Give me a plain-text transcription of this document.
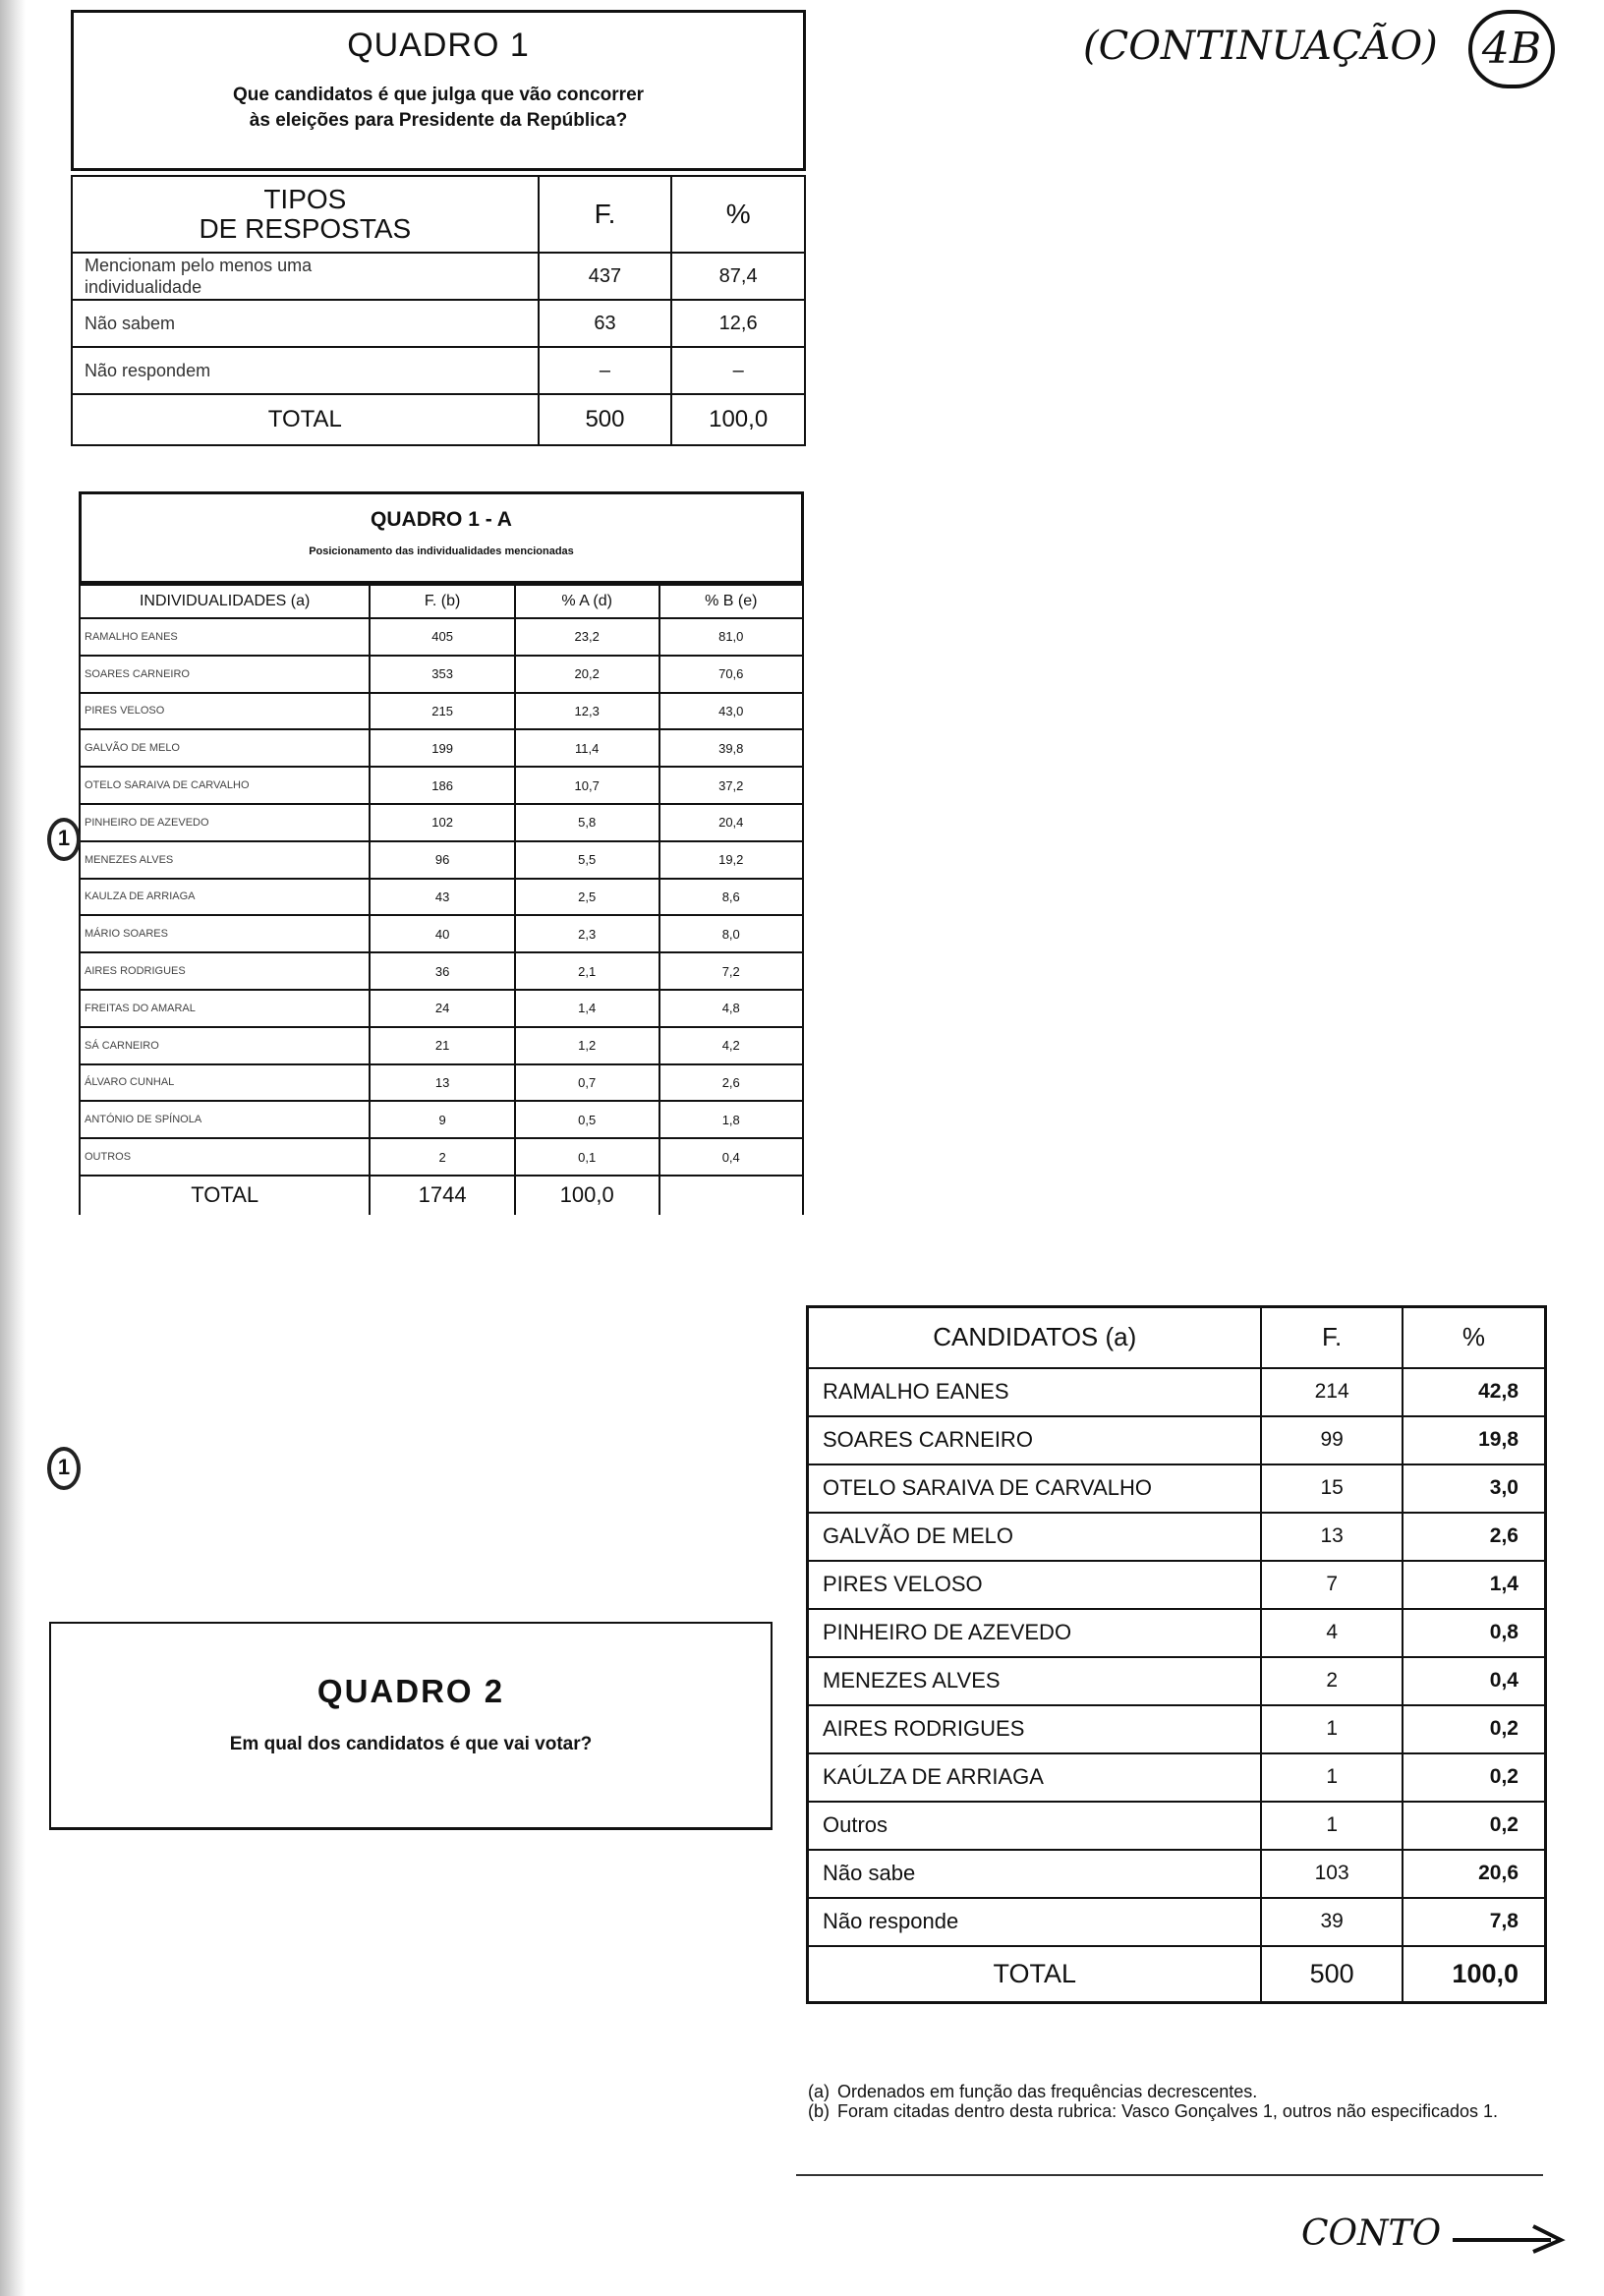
(CONTINUAÇÃO)	4B
QUADRO 1
Que candidatos é que julga que vão concorrer
às eleições para Presidente da República?
TIPOS
DE RESPOSTAS	F.	%

Mencionam pelo menos uma
individualidade	437	87,4
Não sabem	63	12,6
Não respondem	–	–
TOTAL	500	100,0
QUADRO 1 - A
Posicionamento das individualidades mencionadas
INDIVIDUALIDADES (a)	F. (b)	% A (d)	% B (e)
RAMALHO EANES	405	23,2	81,0
SOARES CARNEIRO	353	20,2	70,6
PIRES VELOSO	215	12,3	43,0
GALVÃO DE MELO	199	11,4	39,8
OTELO SARAIVA DE CARVALHO	186	10,7	37,2
PINHEIRO DE AZEVEDO	102	5,8	20,4
MENEZES ALVES	96	5,5	19,2
KAULZA DE ARRIAGA	43	2,5	8,6
MÁRIO SOARES	40	2,3	8,0
AIRES RODRIGUES	36	2,1	7,2
FREITAS DO AMARAL	24	1,4	4,8
SÁ CARNEIRO	21	1,2	4,2
ÁLVARO CUNHAL	13	0,7	2,6
ANTÓNIO DE SPÍNOLA	9	0,5	1,8
OUTROS	2	0,1	0,4
TOTAL	1744	100,0	
1
1
QUADRO 2
Em qual dos candidatos é que vai votar?
CANDIDATOS (a)	F.	%
RAMALHO EANES	214	42,8
SOARES CARNEIRO	99	19,8
OTELO SARAIVA DE CARVALHO	15	3,0
GALVÃO DE MELO	13	2,6
PIRES VELOSO	7	1,4
PINHEIRO DE AZEVEDO	4	0,8
MENEZES ALVES	2	0,4
AIRES RODRIGUES	1	0,2
KAÚLZA DE ARRIAGA	1	0,2
Outros	1	0,2
Não sabe	103	20,6
Não responde	39	7,8
TOTAL	500	100,0
(a) Ordenados em função das frequências decrescentes.
(b) Foram citadas dentro desta rubrica: Vasco Gonçalves 1, outros não especificados 1.
CONTO
